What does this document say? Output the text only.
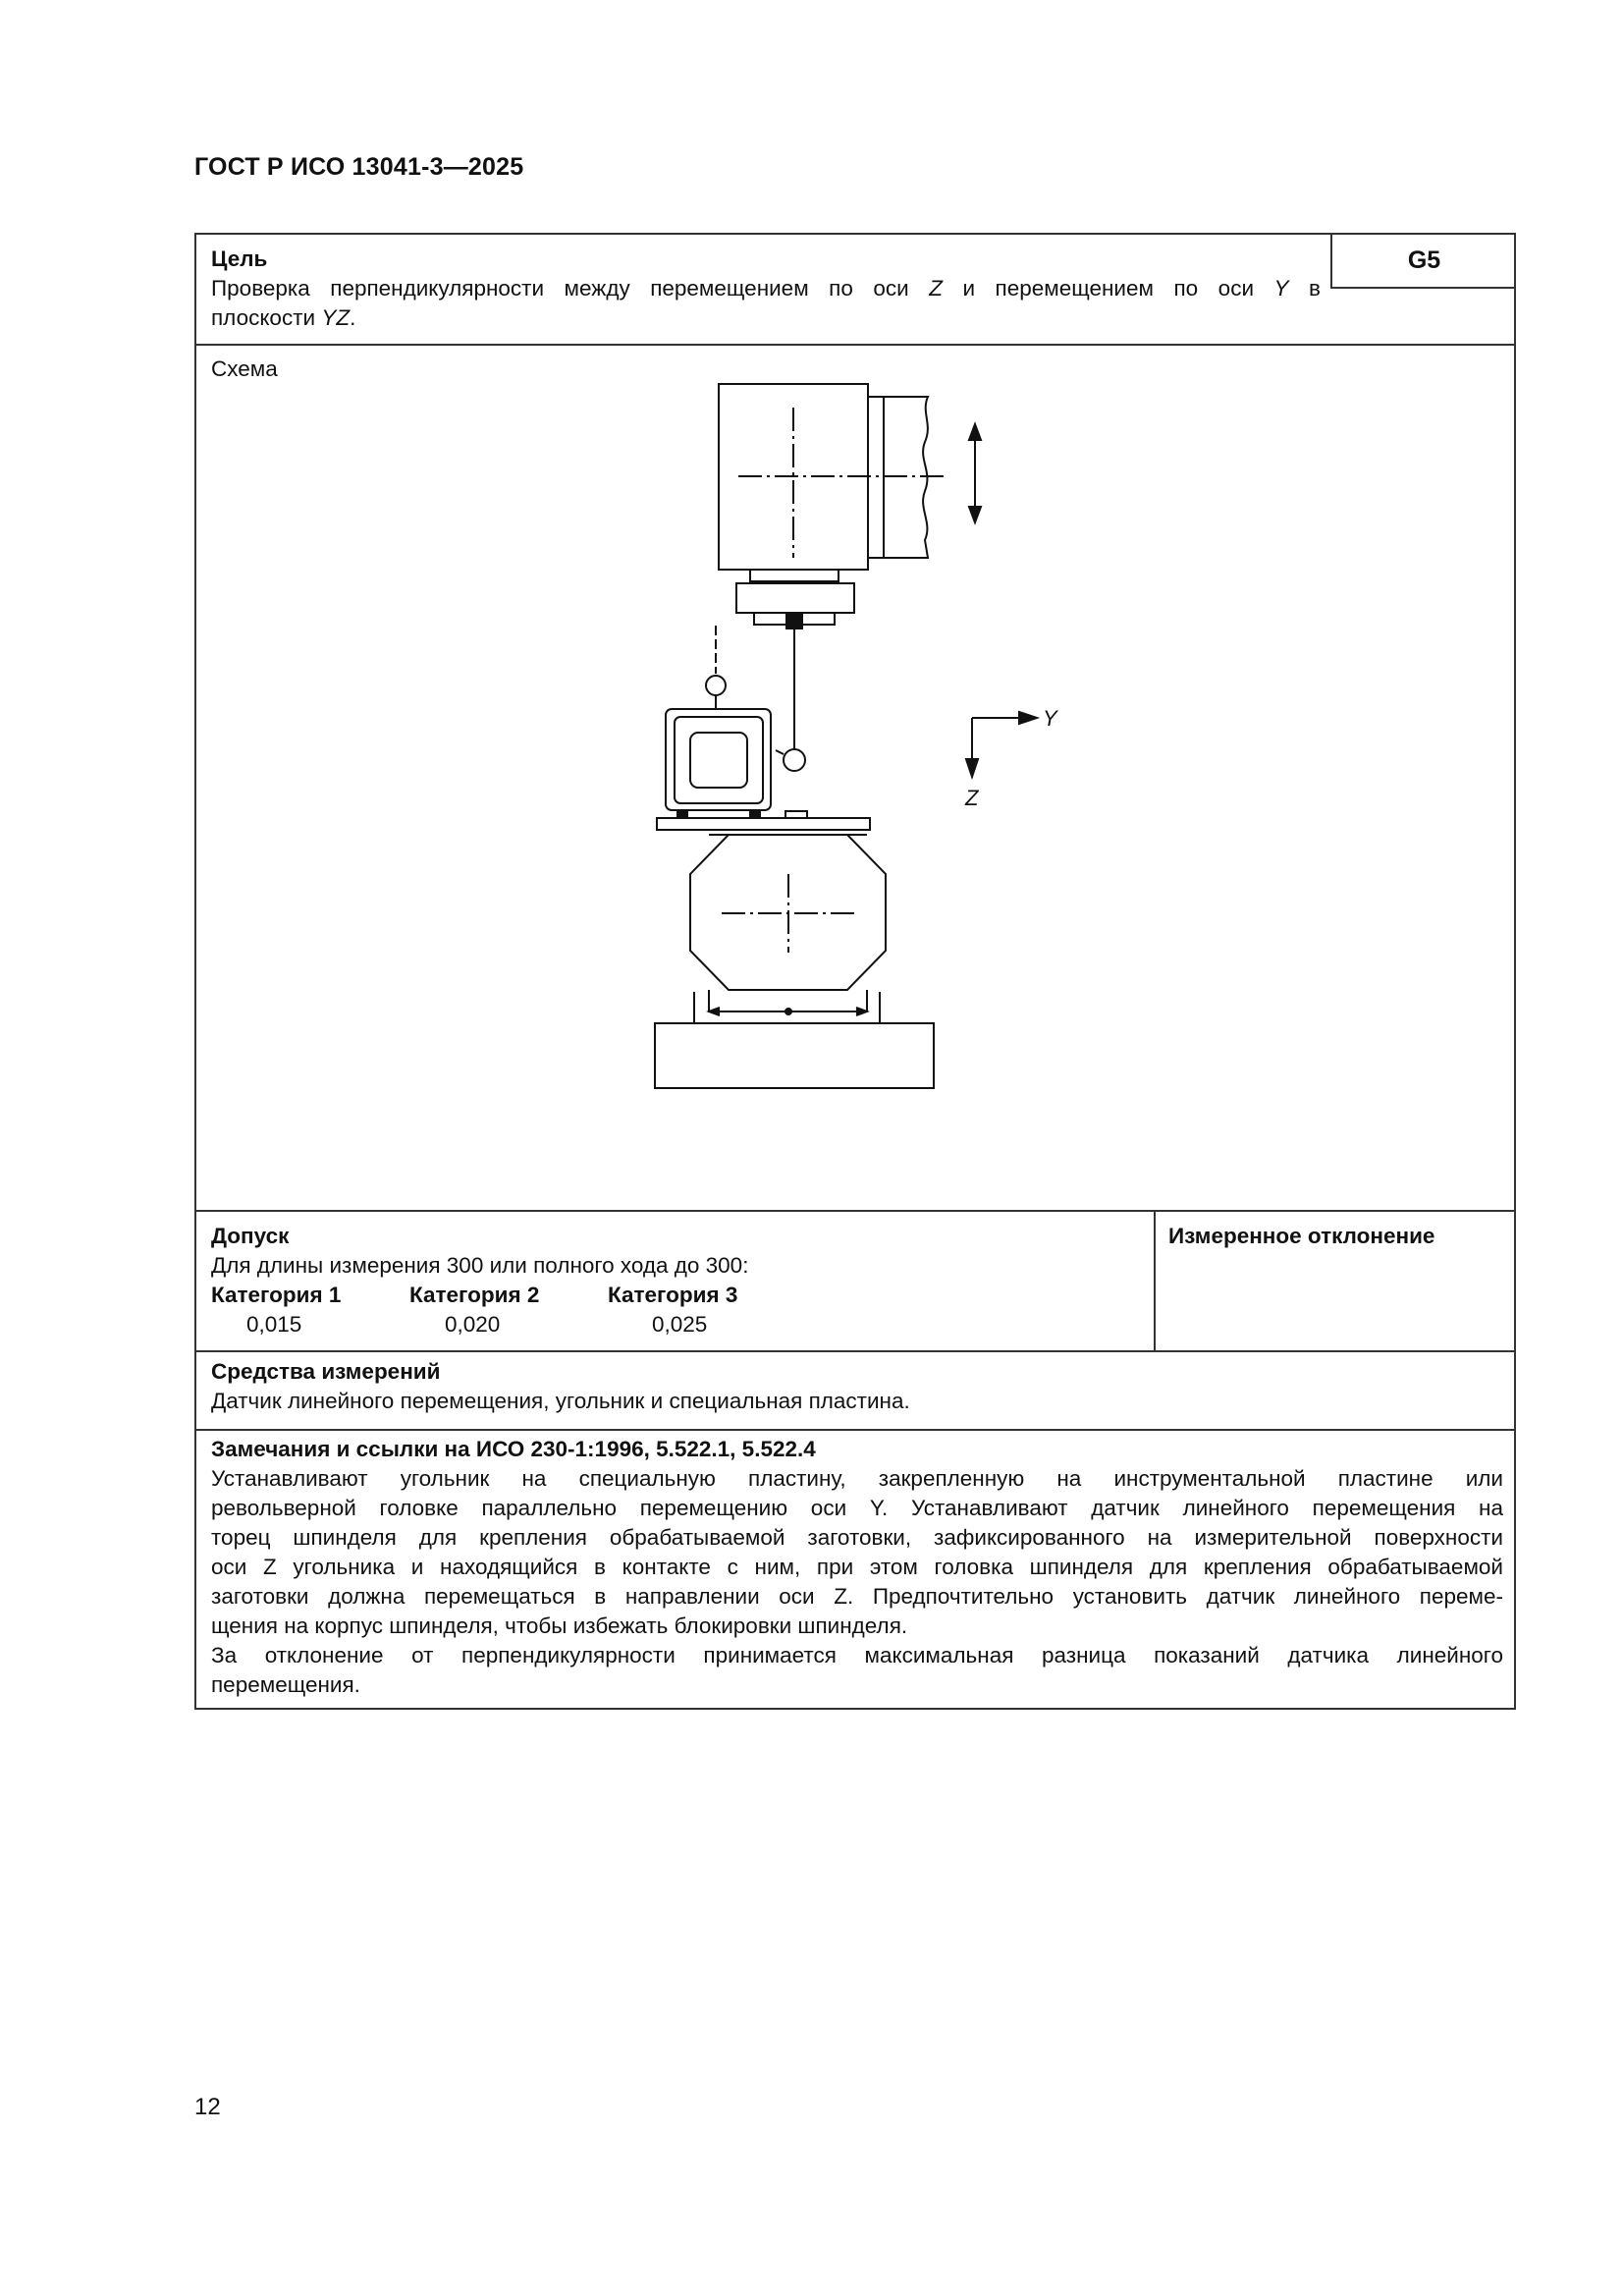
ГОСТ Р ИСО 13041-3—2025
Цель
Проверка перпендикулярности между перемещением по оси Z и перемещением по оси Y в
плоскости YZ.
G5
Схема
Y
Z
Допуск
Для длины измерения 300 или полного хода до 300:
Категория 1	Категория 2	Категория 3
0,015	0,020	0,025
Измеренное отклонение
Средства измерений
Датчик линейного перемещения, угольник и специальная пластина.
Замечания и ссылки на ИСО 230-1:1996, 5.522.1, 5.522.4
Устанавливают угольник на специальную пластину, закрепленную на инструментальной пластине или
револьверной головке параллельно перемещению оси Y. Устанавливают датчик линейного перемещения на
торец шпинделя для крепления обрабатываемой заготовки, зафиксированного на измерительной поверхности
оси Z угольника и находящийся в контакте с ним, при этом головка шпинделя для крепления обрабатываемой
заготовки должна перемещаться в направлении оси Z. Предпочтительно установить датчик линейного переме-
щения на корпус шпинделя, чтобы избежать блокировки шпинделя.
За отклонение от перпендикулярности принимается максимальная разница показаний датчика линейного
перемещения.
12
